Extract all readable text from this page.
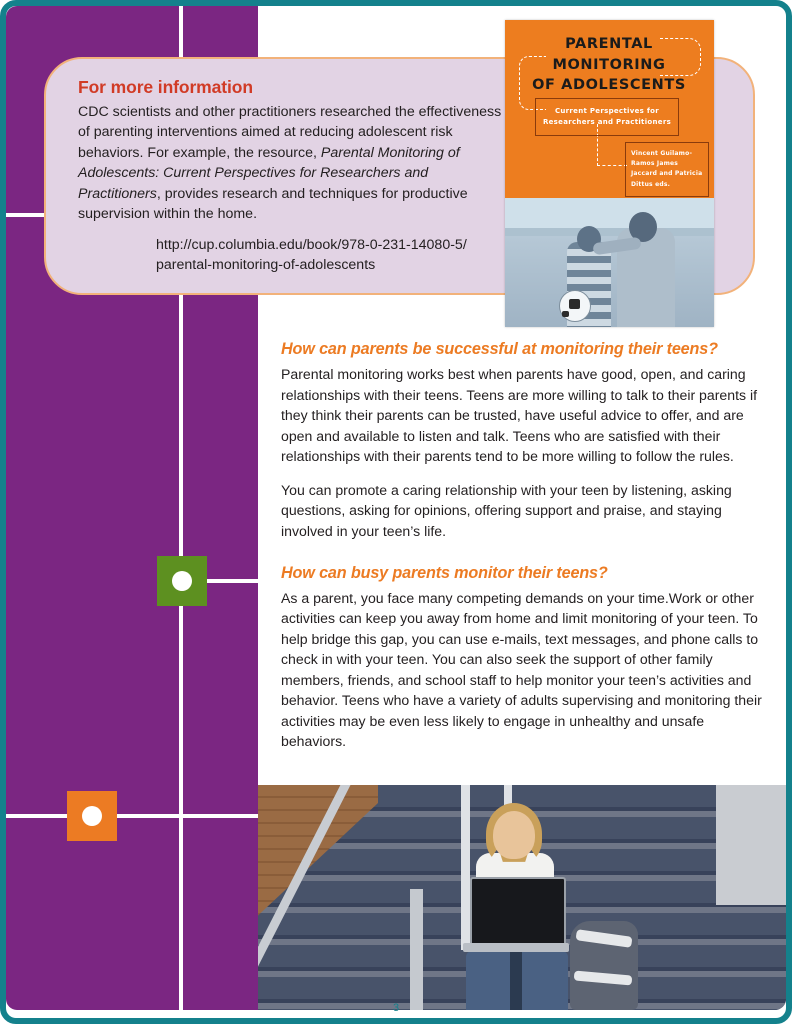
For more information

CDC scientists and other practitioners researched the effectiveness of parenting interventions aimed at reducing adolescent risk behaviors. For example, the resource, Parental Monitoring of Adolescents: Current Perspectives for Researchers and Practitioners, provides research and techniques for productive supervision within the home.

http://cup.columbia.edu/book/978-0-231-14080-5/
parental-monitoring-of-adolescents

PARENTAL MONITORING
OF ADOLESCENTS
Current Perspectives for Researchers and Practitioners
Vincent Guilamo-Ramos James Jaccard and Patricia Dittus eds.
How can parents be successful at monitoring their teens?

Parental monitoring works best when parents have good, open, and caring relationships with their teens. Teens are more willing to talk to their parents if they think their parents can be trusted, have useful advice to offer, and are open and available to listen and talk. Teens who are satisfied with their relationships with their parents tend to be more willing to follow the rules.

You can promote a caring relationship with your teen by listening, asking questions, asking for opinions, offering support and praise, and staying involved in your teen’s life.

How can busy parents monitor their teens?

As a parent, you face many competing demands on your time.Work or other activities can keep you away from home and limit monitoring of your teen. To help bridge this gap, you can use e-mails, text messages, and phone calls to check in with your teen. You can also seek the support of other family members, friends, and school staff to help monitor your teen’s activities and behavior. Teens who have a variety of adults supervising and monitoring their activities may be even less likely to engage in unhealthy and unsafe behaviors.

3
